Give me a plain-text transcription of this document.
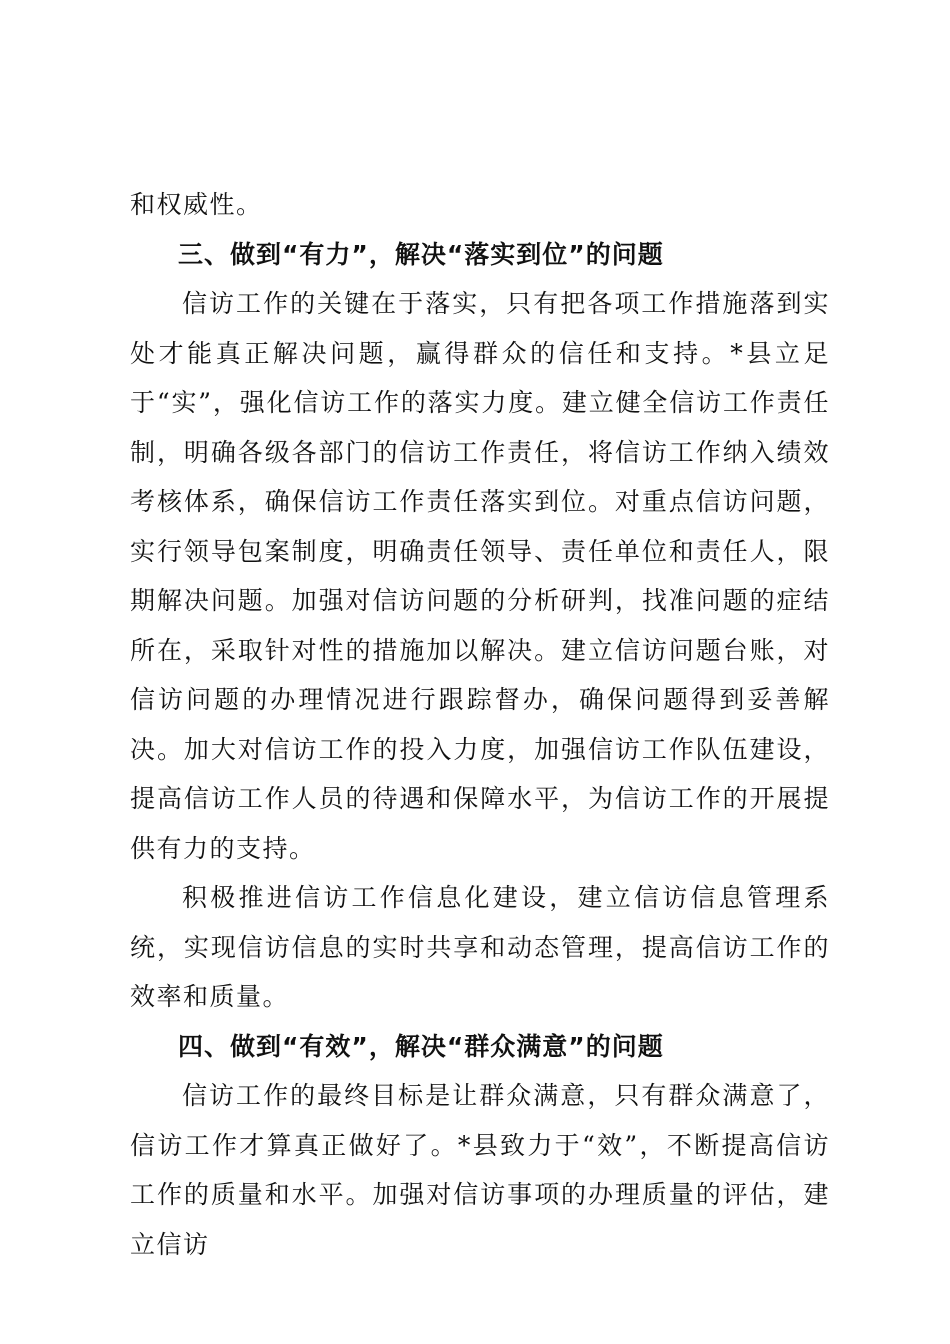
和权威性。

三、做到“有力”，解决“落实到位”的问题

信访工作的关键在于落实，只有把各项工作措施落到实处才能真正解决问题，赢得群众的信任和支持。*县立足于“实”，强化信访工作的落实力度。建立健全信访工作责任制，明确各级各部门的信访工作责任，将信访工作纳入绩效考核体系，确保信访工作责任落实到位。对重点信访问题，实行领导包案制度，明确责任领导、责任单位和责任人，限期解决问题。加强对信访问题的分析研判，找准问题的症结所在，采取针对性的措施加以解决。建立信访问题台账，对信访问题的办理情况进行跟踪督办，确保问题得到妥善解决。加大对信访工作的投入力度，加强信访工作队伍建设，提高信访工作人员的待遇和保障水平，为信访工作的开展提供有力的支持。

积极推进信访工作信息化建设，建立信访信息管理系统，实现信访信息的实时共享和动态管理，提高信访工作的效率和质量。

四、做到“有效”，解决“群众满意”的问题

信访工作的最终目标是让群众满意，只有群众满意了，信访工作才算真正做好了。*县致力于“效”，不断提高信访工作的质量和水平。加强对信访事项的办理质量的评估，建立信访
